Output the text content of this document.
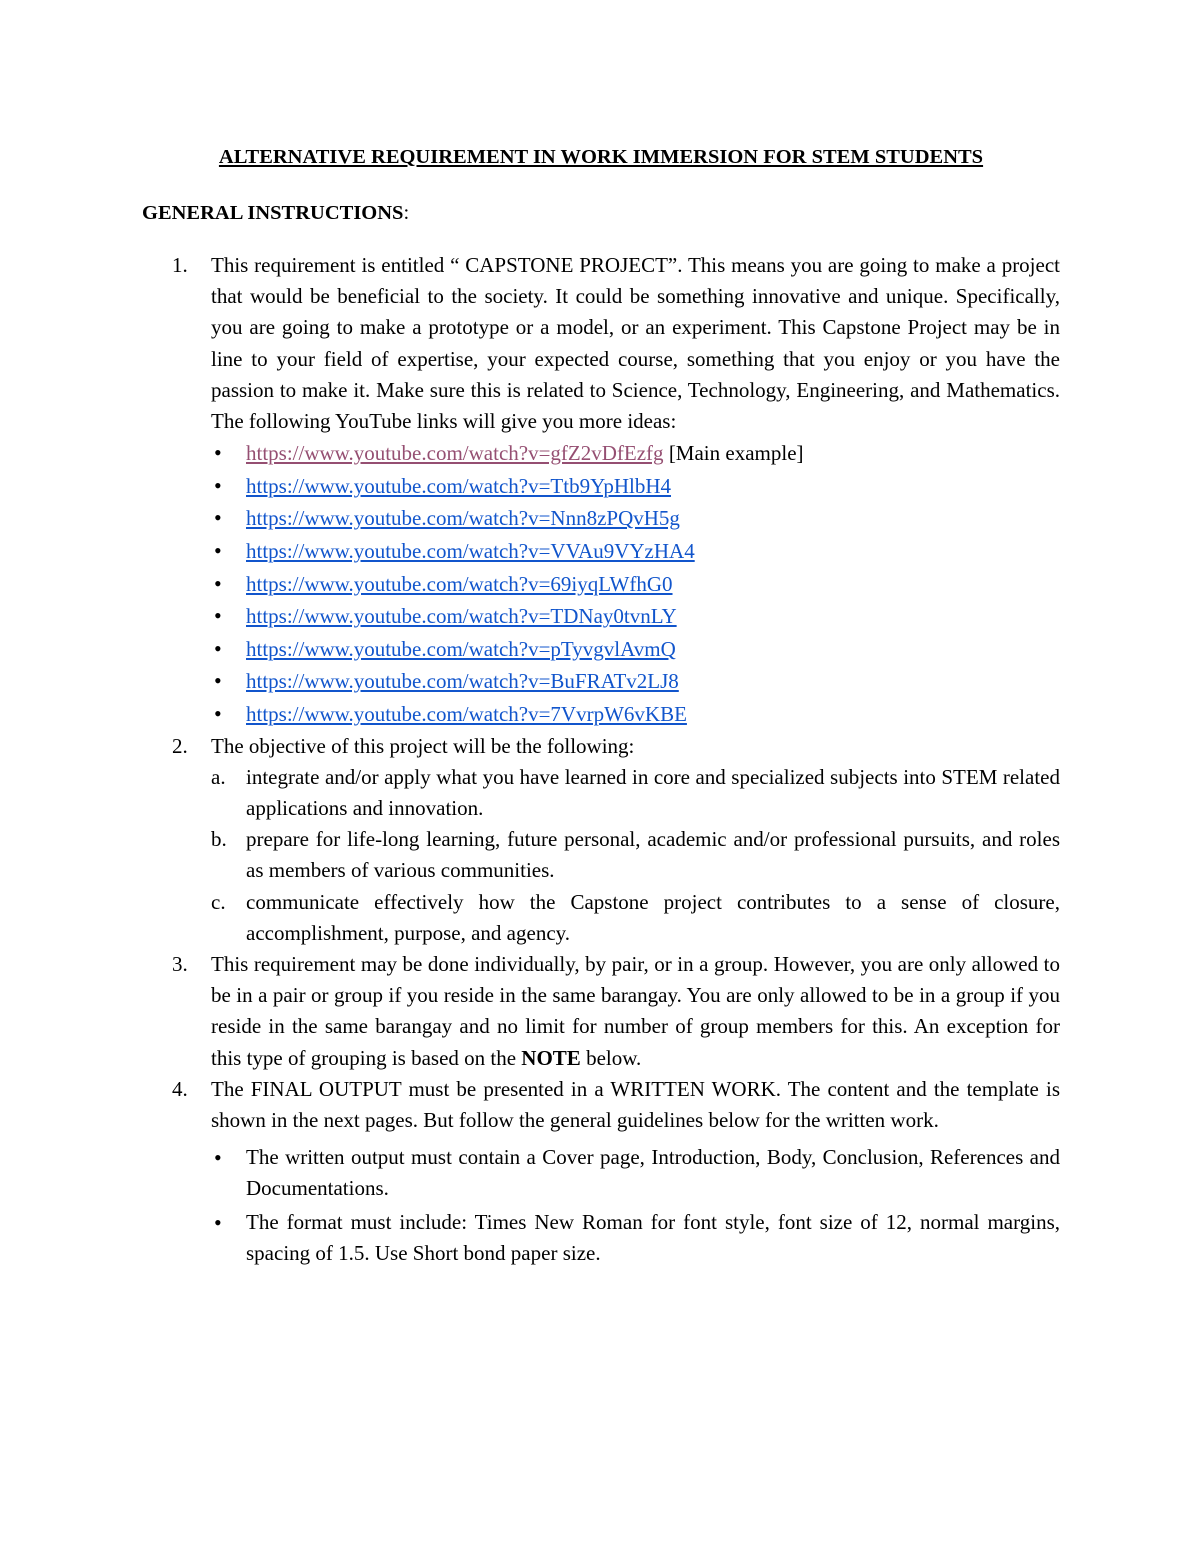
ALTERNATIVE REQUIREMENT IN WORK IMMERSION FOR STEM STUDENTS

GENERAL INSTRUCTIONS:
1. This requirement is entitled “ CAPSTONE PROJECT”. This means you are going to make a project that would be beneficial to the society. It could be something innovative and unique. Specifically, you are going to make a prototype or a model, or an experiment. This Capstone Project may be in line to your field of expertise, your expected course, something that you enjoy or you have the passion to make it. Make sure this is related to Science, Technology, Engineering, and Mathematics. The following YouTube links will give you more ideas:
• https://www.youtube.com/watch?v=gfZ2vDfEzfg [Main example]
• https://www.youtube.com/watch?v=Ttb9YpHlbH4
• https://www.youtube.com/watch?v=Nnn8zPQvH5g
• https://www.youtube.com/watch?v=VVAu9VYzHA4
• https://www.youtube.com/watch?v=69iyqLWfhG0
• https://www.youtube.com/watch?v=TDNay0tvnLY
• https://www.youtube.com/watch?v=pTyvgvlAvmQ
• https://www.youtube.com/watch?v=BuFRATv2LJ8
• https://www.youtube.com/watch?v=7VvrpW6vKBE
2. The objective of this project will be the following:
a. integrate and/or apply what you have learned in core and specialized subjects into STEM related applications and innovation.
b. prepare for life-long learning, future personal, academic and/or professional pursuits, and roles as members of various communities.
c. communicate effectively how the Capstone project contributes to a sense of closure, accomplishment, purpose, and agency.
3. This requirement may be done individually, by pair, or in a group. However, you are only allowed to be in a pair or group if you reside in the same barangay. You are only allowed to be in a group if you reside in the same barangay and no limit for number of group members for this. An exception for this type of grouping is based on the NOTE below.
4. The FINAL OUTPUT must be presented in a WRITTEN WORK. The content and the template is shown in the next pages. But follow the general guidelines below for the written work.
• The written output must contain a Cover page, Introduction, Body, Conclusion, References and Documentations.
• The format must include: Times New Roman for font style, font size of 12, normal margins, spacing of 1.5. Use Short bond paper size.
